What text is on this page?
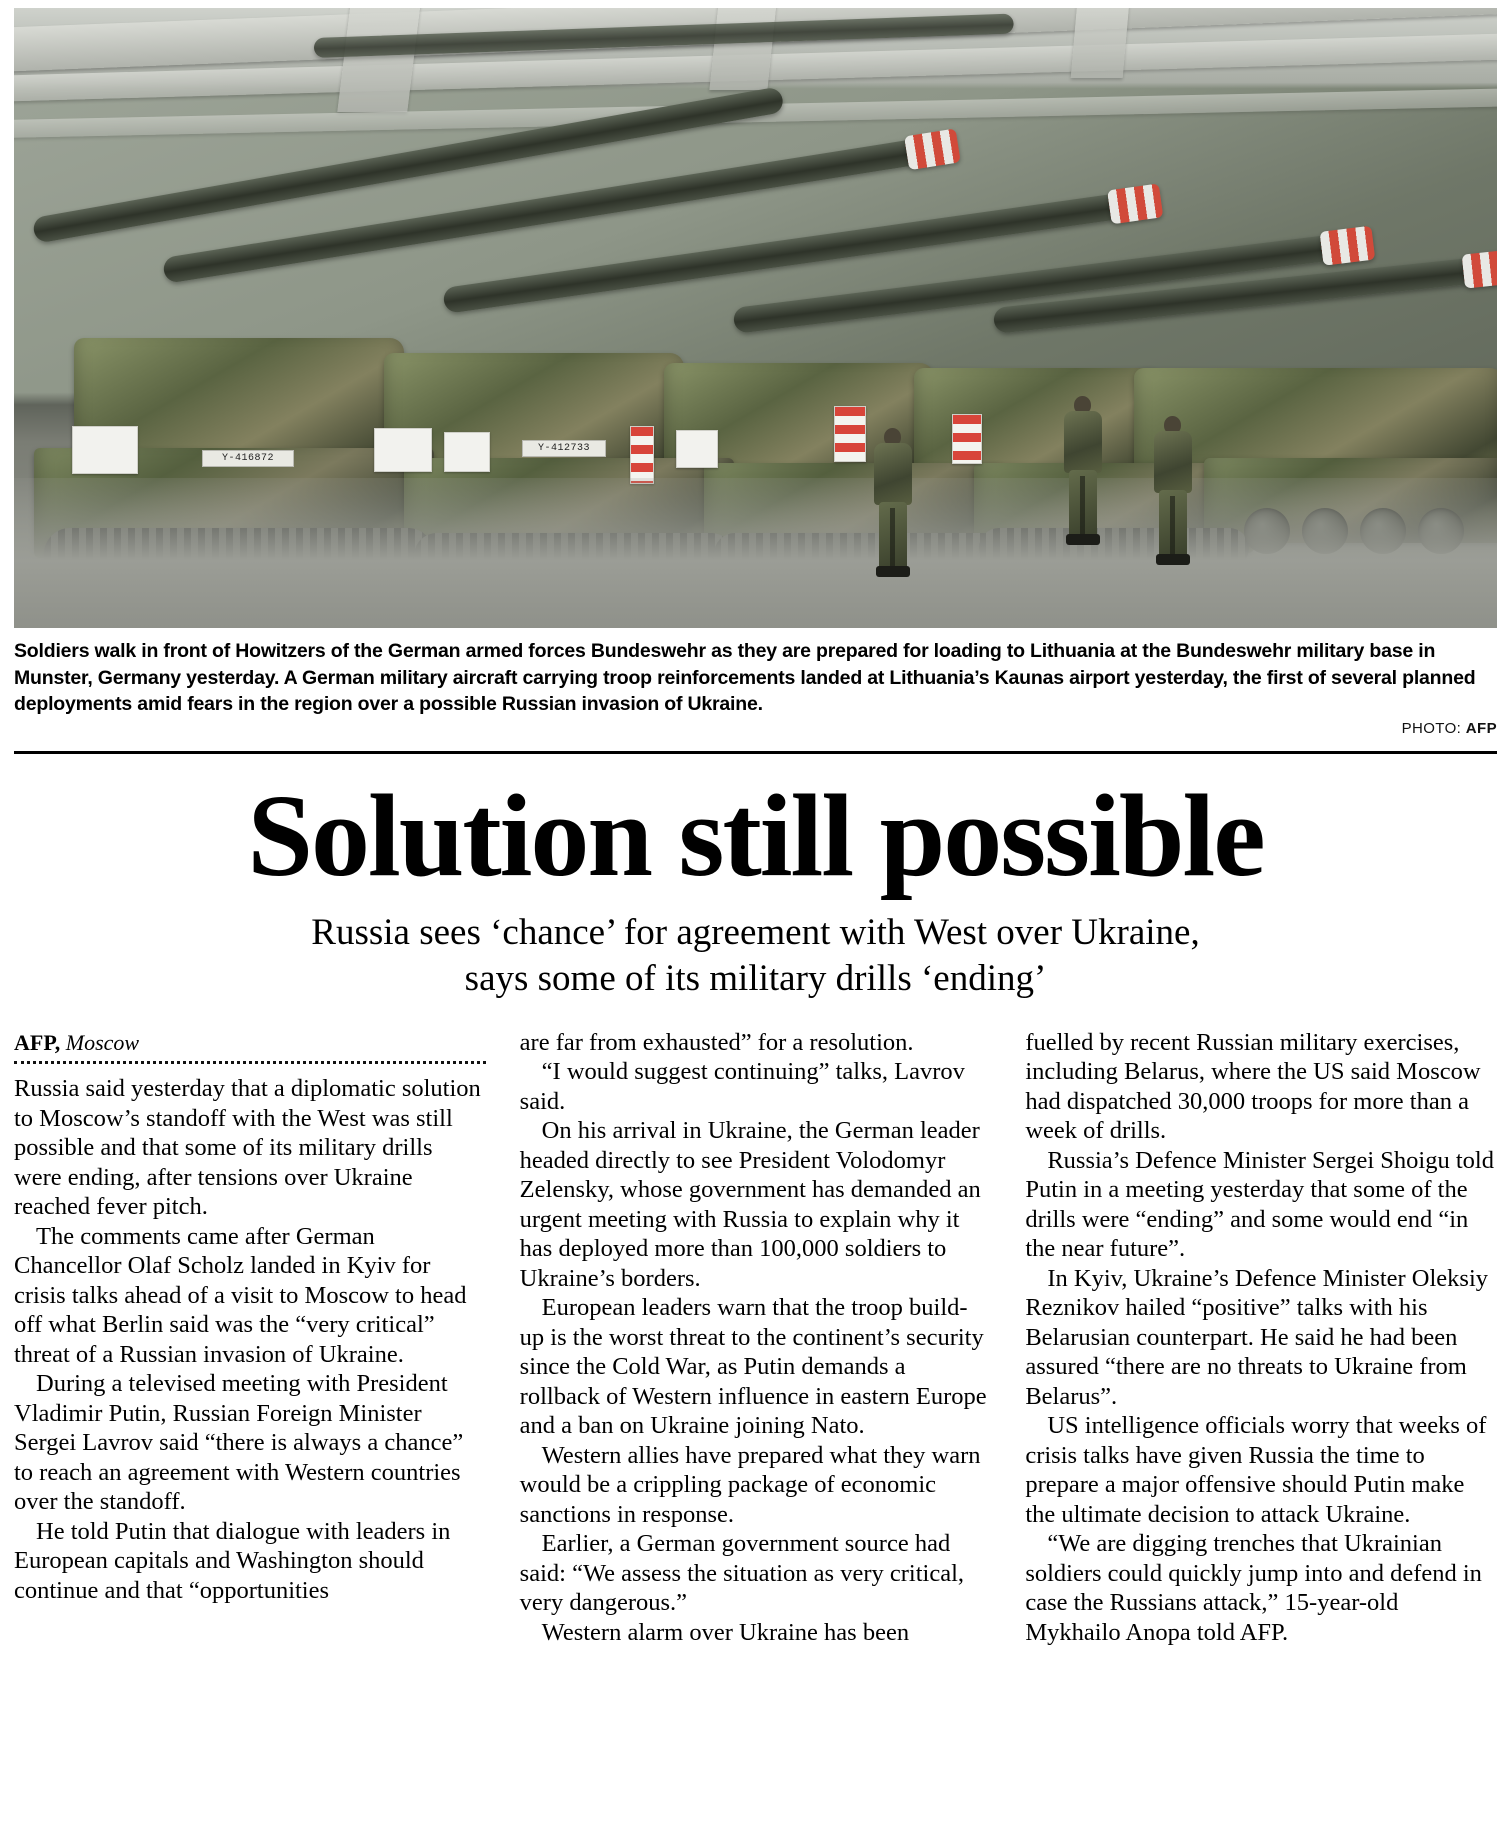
Y-416872
Y-412733
Soldiers walk in front of Howitzers of the German armed forces Bundeswehr as they are prepared for loading to Lithuania at the Bundeswehr military base in Munster, Germany yesterday. A German military aircraft carrying troop reinforcements landed at Lithuania’s Kaunas airport yesterday, the first of several planned deployments amid fears in the region over a possible Russian invasion of Ukraine.
PHOTO: AFP
Solution still possible
Russia sees ‘chance’ for agreement with West over Ukraine,
says some of its military drills ‘ending’
AFP, Moscow

Russia said yesterday that a diplomatic solution to Moscow’s standoff with the West was still possible and that some of its military drills were ending, after tensions over Ukraine reached fever pitch.

The comments came after German Chancellor Olaf Scholz landed in Kyiv for crisis talks ahead of a visit to Moscow to head off what Berlin said was the “very critical” threat of a Russian invasion of Ukraine.

During a televised meeting with President Vladimir Putin, Russian Foreign Minister Sergei Lavrov said “there is always a chance” to reach an agreement with Western countries over the standoff.

He told Putin that dialogue with leaders in European capitals and Washington should continue and that “opportunities

are far from exhausted” for a resolution.

“I would suggest continuing” talks, Lavrov said.

On his arrival in Ukraine, the German leader headed directly to see President Volodomyr Zelensky, whose government has demanded an urgent meeting with Russia to explain why it has deployed more than 100,000 soldiers to Ukraine’s borders.

European leaders warn that the troop build-up is the worst threat to the continent’s security since the Cold War, as Putin demands a rollback of Western influence in eastern Europe and a ban on Ukraine joining Nato.

Western allies have prepared what they warn would be a crippling package of economic sanctions in response.

Earlier, a German government source had said: “We assess the situation as very critical, very dangerous.”

Western alarm over Ukraine has been

fuelled by recent Russian military exercises, including Belarus, where the US said Moscow had dispatched 30,000 troops for more than a week of drills.

Russia’s Defence Minister Sergei Shoigu told Putin in a meeting yesterday that some of the drills were “ending” and some would end “in the near future”.

In Kyiv, Ukraine’s Defence Minister Oleksiy Reznikov hailed “positive” talks with his Belarusian counterpart. He said he had been assured “there are no threats to Ukraine from Belarus”.

US intelligence officials worry that weeks of crisis talks have given Russia the time to prepare a major offensive should Putin make the ultimate decision to attack Ukraine.

“We are digging trenches that Ukrainian soldiers could quickly jump into and defend in case the Russians attack,” 15-year-old Mykhailo Anopa told AFP.
